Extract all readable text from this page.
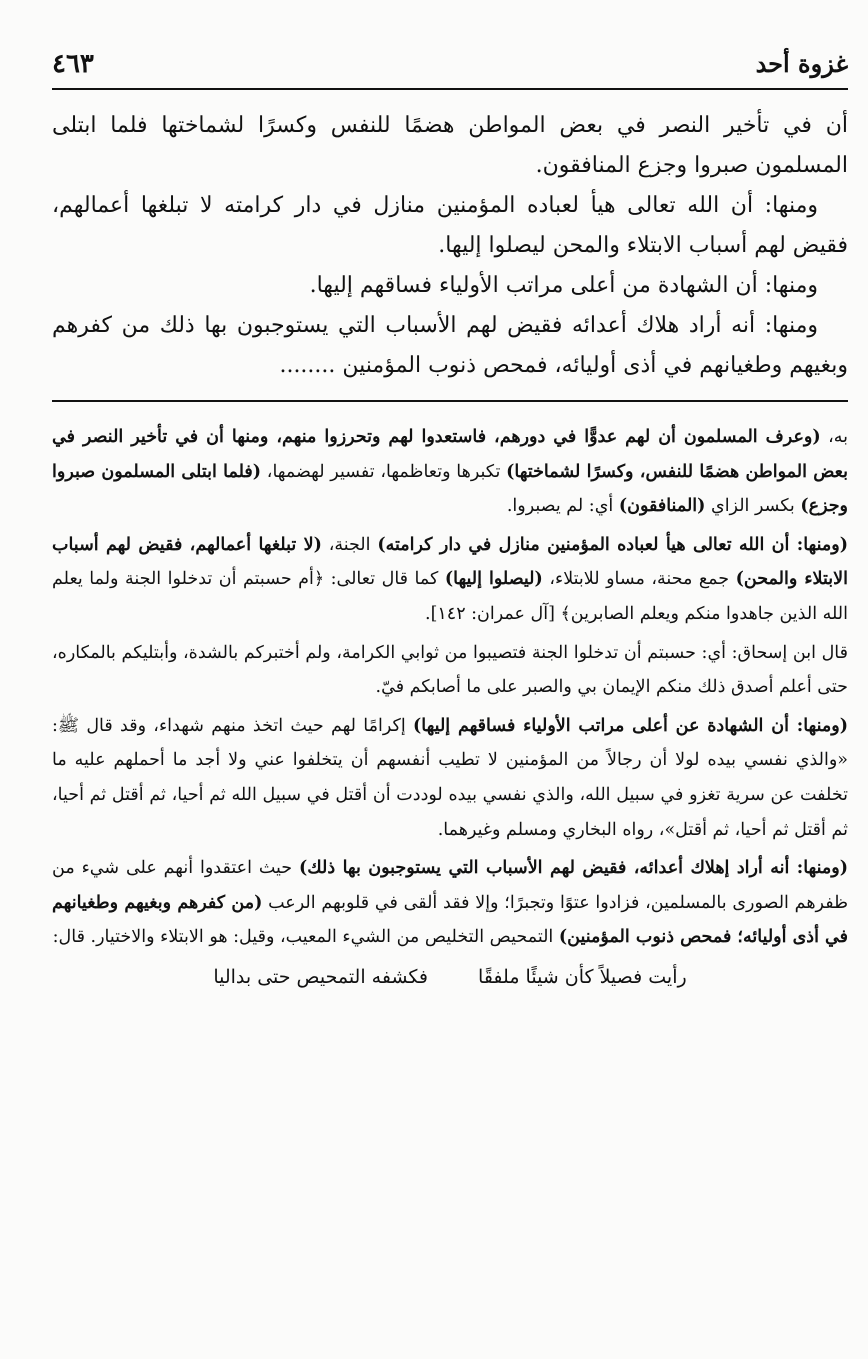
غزوة أحد
٤٦٣

أن في تأخير النصر في بعض المواطن هضمًا للنفس وكسرًا لشماختها فلما ابتلى المسلمون صبروا وجزع المنافقون.

ومنها: أن الله تعالى هيأ لعباده المؤمنين منازل في دار كرامته لا تبلغها أعمالهم، فقيض لهم أسباب الابتلاء والمحن ليصلوا إليها.

ومنها: أن الشهادة من أعلى مراتب الأولياء فساقهم إليها.

ومنها: أنه أراد هلاك أعدائه فقيض لهم الأسباب التي يستوجبون بها ذلك من كفرهم وبغيهم وطغيانهم في أذى أوليائه، فمحص ذنوب المؤمنين ........

به، (وعرف المسلمون أن لهم عدوًّا في دورهم، فاستعدوا لهم وتحرزوا منهم، ومنها أن في تأخير النصر في بعض المواطن هضمًا للنفس، وكسرًا لشماختها) تكبرها وتعاظمها، تفسير لهضمها، (فلما ابتلى المسلمون صبروا وجزع) بكسر الزاي (المنافقون) أي: لم يصبروا.

(ومنها: أن الله تعالى هيأ لعباده المؤمنين منازل في دار كرامته) الجنة، (لا تبلغها أعمالهم، فقيض لهم أسباب الابتلاء والمحن) جمع محنة، مساو للابتلاء، (ليصلوا إليها) كما قال تعالى: ﴿أم حسبتم أن تدخلوا الجنة ولما يعلم الله الذين جاهدوا منكم ويعلم الصابرين﴾ [آل عمران: ١٤٢].

قال ابن إسحاق: أي: حسبتم أن تدخلوا الجنة فتصيبوا من ثوابي الكرامة، ولم أختبركم بالشدة، وأبتليكم بالمكاره، حتى أعلم أصدق ذلك منكم الإيمان بي والصبر على ما أصابكم فيّ.

(ومنها: أن الشهادة عن أعلى مراتب الأولياء فساقهم إليها) إكرامًا لهم حيث اتخذ منهم شهداء، وقد قال ﷺ: «والذي نفسي بيده لولا أن رجالاً من المؤمنين لا تطيب أنفسهم أن يتخلفوا عني ولا أجد ما أحملهم عليه ما تخلفت عن سرية تغزو في سبيل الله، والذي نفسي بيده لوددت أن أقتل في سبيل الله ثم أحيا، ثم أقتل ثم أحيا، ثم أقتل ثم أحيا، ثم أقتل»، رواه البخاري ومسلم وغيرهما.

(ومنها: أنه أراد إهلاك أعدائه، فقيض لهم الأسباب التي يستوجبون بها ذلك) حيث اعتقدوا أنهم على شيء من ظفرهم الصورى بالمسلمين، فزادوا عتوًا وتجبرًا؛ وإلا فقد ألقى في قلوبهم الرعب (من كفرهم وبغيهم وطغيانهم في أذى أوليائه؛ فمحص ذنوب المؤمنين) التمحيص التخليص من الشيء المعيب، وقيل: هو الابتلاء والاختيار. قال:

رأيت فصيلاً كأن شيئًا ملفقًا فكشفه التمحيص حتى بداليا
